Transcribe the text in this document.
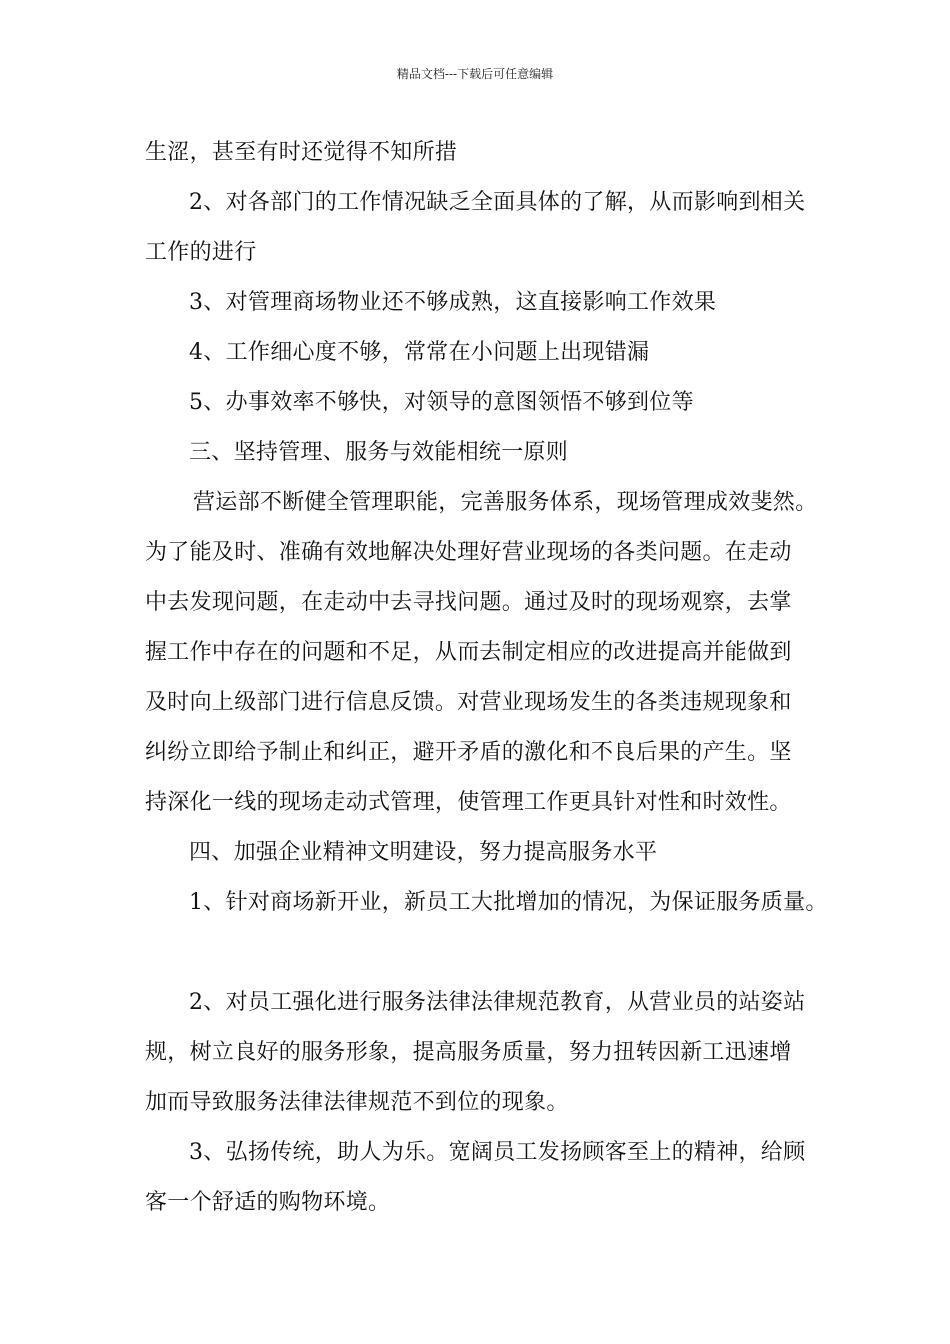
精品文档---下载后可任意编辑

生涩，甚至有时还觉得不知所措

2、对各部门的工作情况缺乏全面具体的了解，从而影响到相关

工作的进行

3、对管理商场物业还不够成熟，这直接影响工作效果

4、工作细心度不够，常常在小问题上出现错漏

5、办事效率不够快，对领导的意图领悟不够到位等

三、坚持管理、服务与效能相统一原则

营运部不断健全管理职能，完善服务体系，现场管理成效斐然。

为了能及时、准确有效地解决处理好营业现场的各类问题。在走动

中去发现问题，在走动中去寻找问题。通过及时的现场观察，去掌

握工作中存在的问题和不足，从而去制定相应的改进提高并能做到

及时向上级部门进行信息反馈。对营业现场发生的各类违规现象和

纠纷立即给予制止和纠正，避开矛盾的激化和不良后果的产生。坚

持深化一线的现场走动式管理，使管理工作更具针对性和时效性。

四、加强企业精神文明建设，努力提高服务水平

1、针对商场新开业，新员工大批增加的情况，为保证服务质量。

2、对员工强化进行服务法律法律规范教育，从营业员的站姿站

规，树立良好的服务形象，提高服务质量，努力扭转因新工迅速增

加而导致服务法律法律规范不到位的现象。

3、弘扬传统，助人为乐。宽阔员工发扬顾客至上的精神，给顾

客一个舒适的购物环境。
